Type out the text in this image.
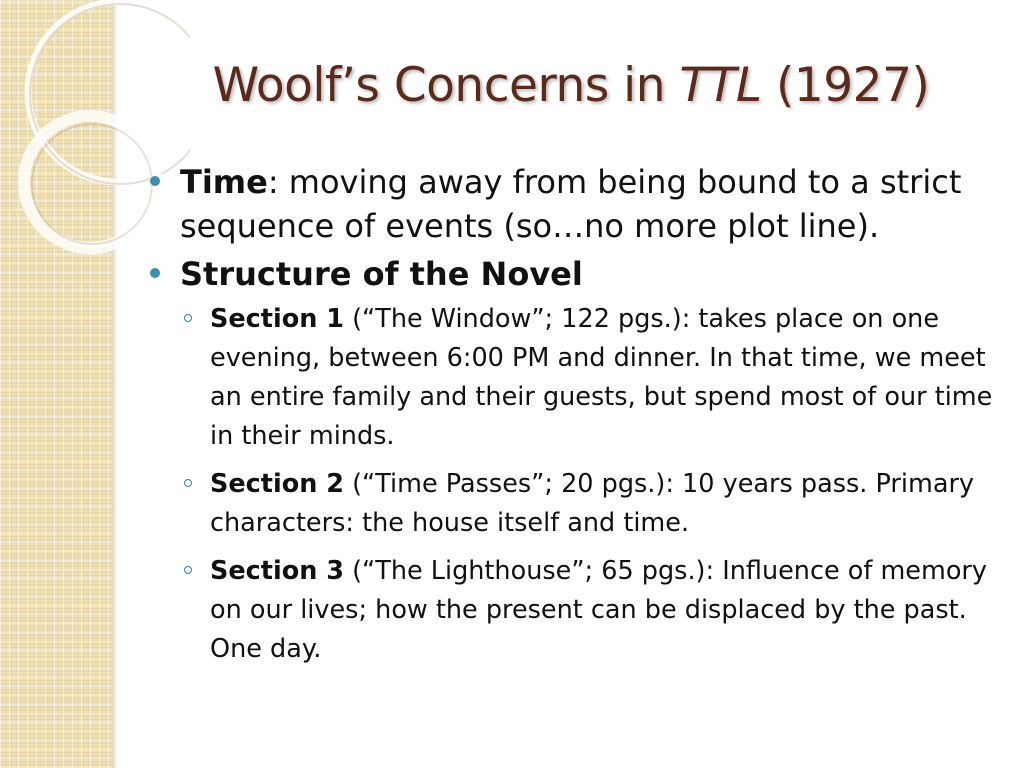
Woolf’s Concerns in TTL (1927)
Time: moving away from being bound to a strict sequence of events (so…no more plot line).
Structure of the Novel
Section 1 (“The Window”; 122 pgs.): takes place on one evening, between 6:00 PM and dinner. In that time, we meet an entire family and their guests, but spend most of our time in their minds.
Section 2 (“Time Passes”; 20 pgs.): 10 years pass. Primary characters: the house itself and time.
Section 3 (“The Lighthouse”; 65 pgs.): Influence of memory on our lives; how the present can be displaced by the past. One day.
